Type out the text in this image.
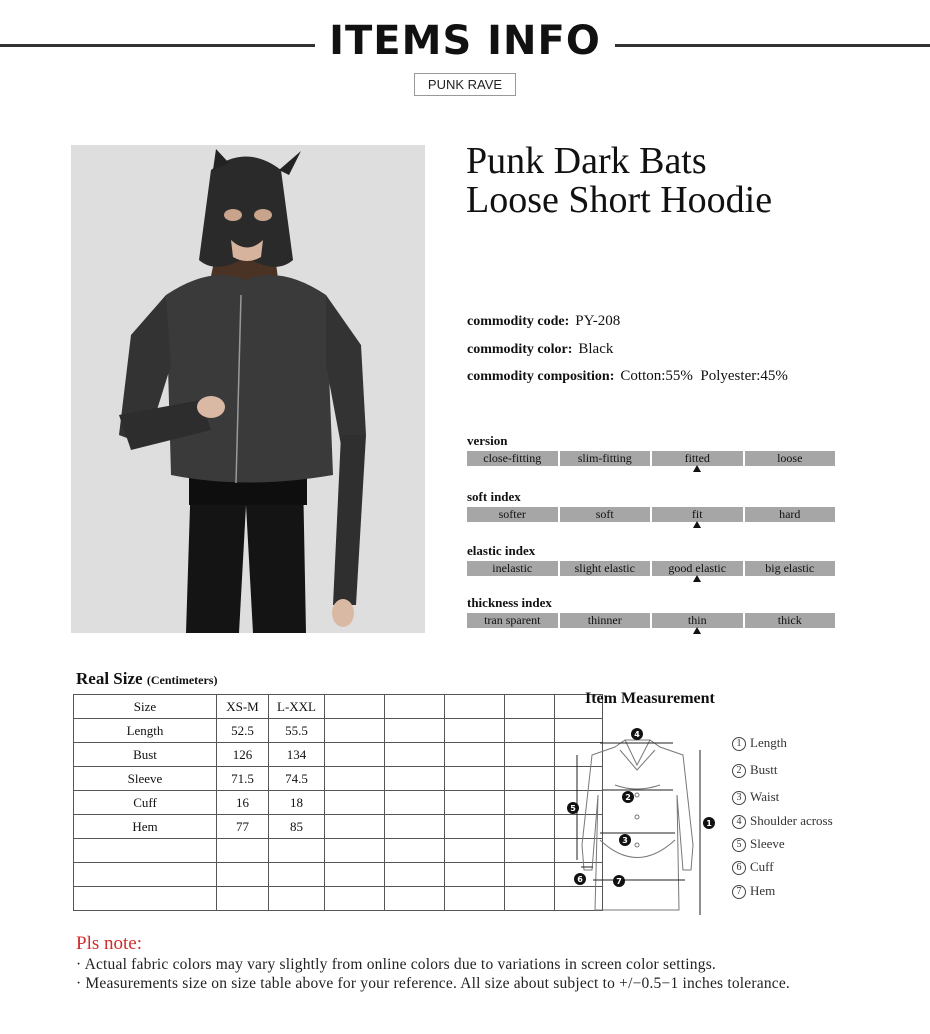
ITEMS INFO
PUNK RAVE
Punk Dark Bats
Loose Short Hoodie
commodity code: PY-208
commodity color: Black
commodity composition: Cotton:55%  Polyester:45%
version
close-fitting	slim-fitting	fitted	loose
soft index
softer	soft	fit	hard
elastic index
inelastic	slight elastic	good elastic	big elastic
thickness index
tran sparent	thinner	thin	thick
Real Size (Centimeters)
Size	XS-M	L-XXL					
Length	52.5	55.5					
Bust	126	134					
Sleeve	71.5	74.5					
Cuff	16	18					
Hem	77	85					

Item Measurement
4
2
3
7
1
5
6
1 Length
2 Bustt
3 Waist
4 Shoulder across
5 Sleeve
6 Cuff
7 Hem
Pls note:
· Actual fabric colors may vary slightly from online colors due to variations in screen color settings.
· Measurements size on size table above for your reference. All size about subject to +/−0.5−1 inches tolerance.
